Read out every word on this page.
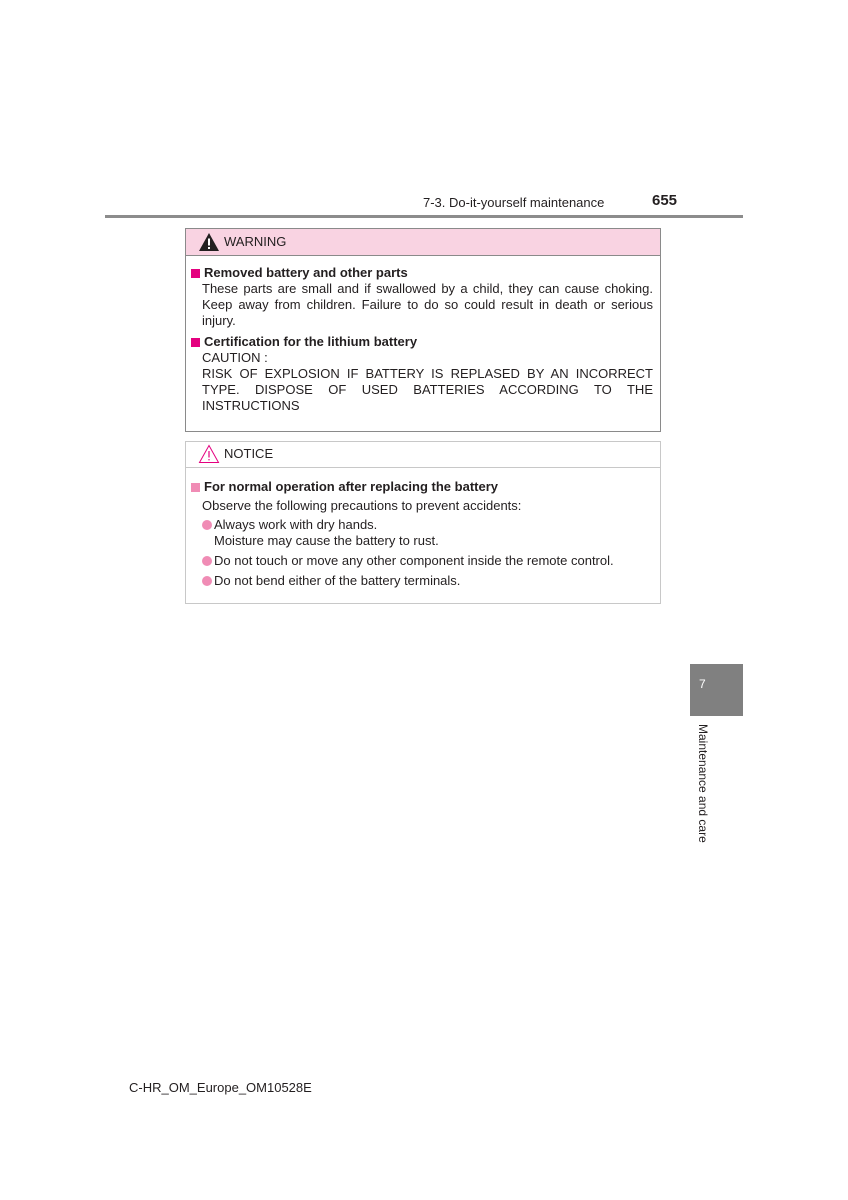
7-3. Do-it-yourself maintenance	655
WARNING
Removed battery and other parts
These parts are small and if swallowed by a child, they can cause choking.
Keep away from children. Failure to do so could result in death or serious
injury.
Certification for the lithium battery
CAUTION :
RISK OF EXPLOSION IF BATTERY IS REPLASED BY AN INCORRECT
TYPE. DISPOSE OF USED BATTERIES ACCORDING TO THE
INSTRUCTIONS
NOTICE
For normal operation after replacing the battery
Observe the following precautions to prevent accidents:
Always work with dry hands.
Moisture may cause the battery to rust.
Do not touch or move any other component inside the remote control.
Do not bend either of the battery terminals.
7
Maintenance and care
C-HR_OM_Europe_OM10528E
